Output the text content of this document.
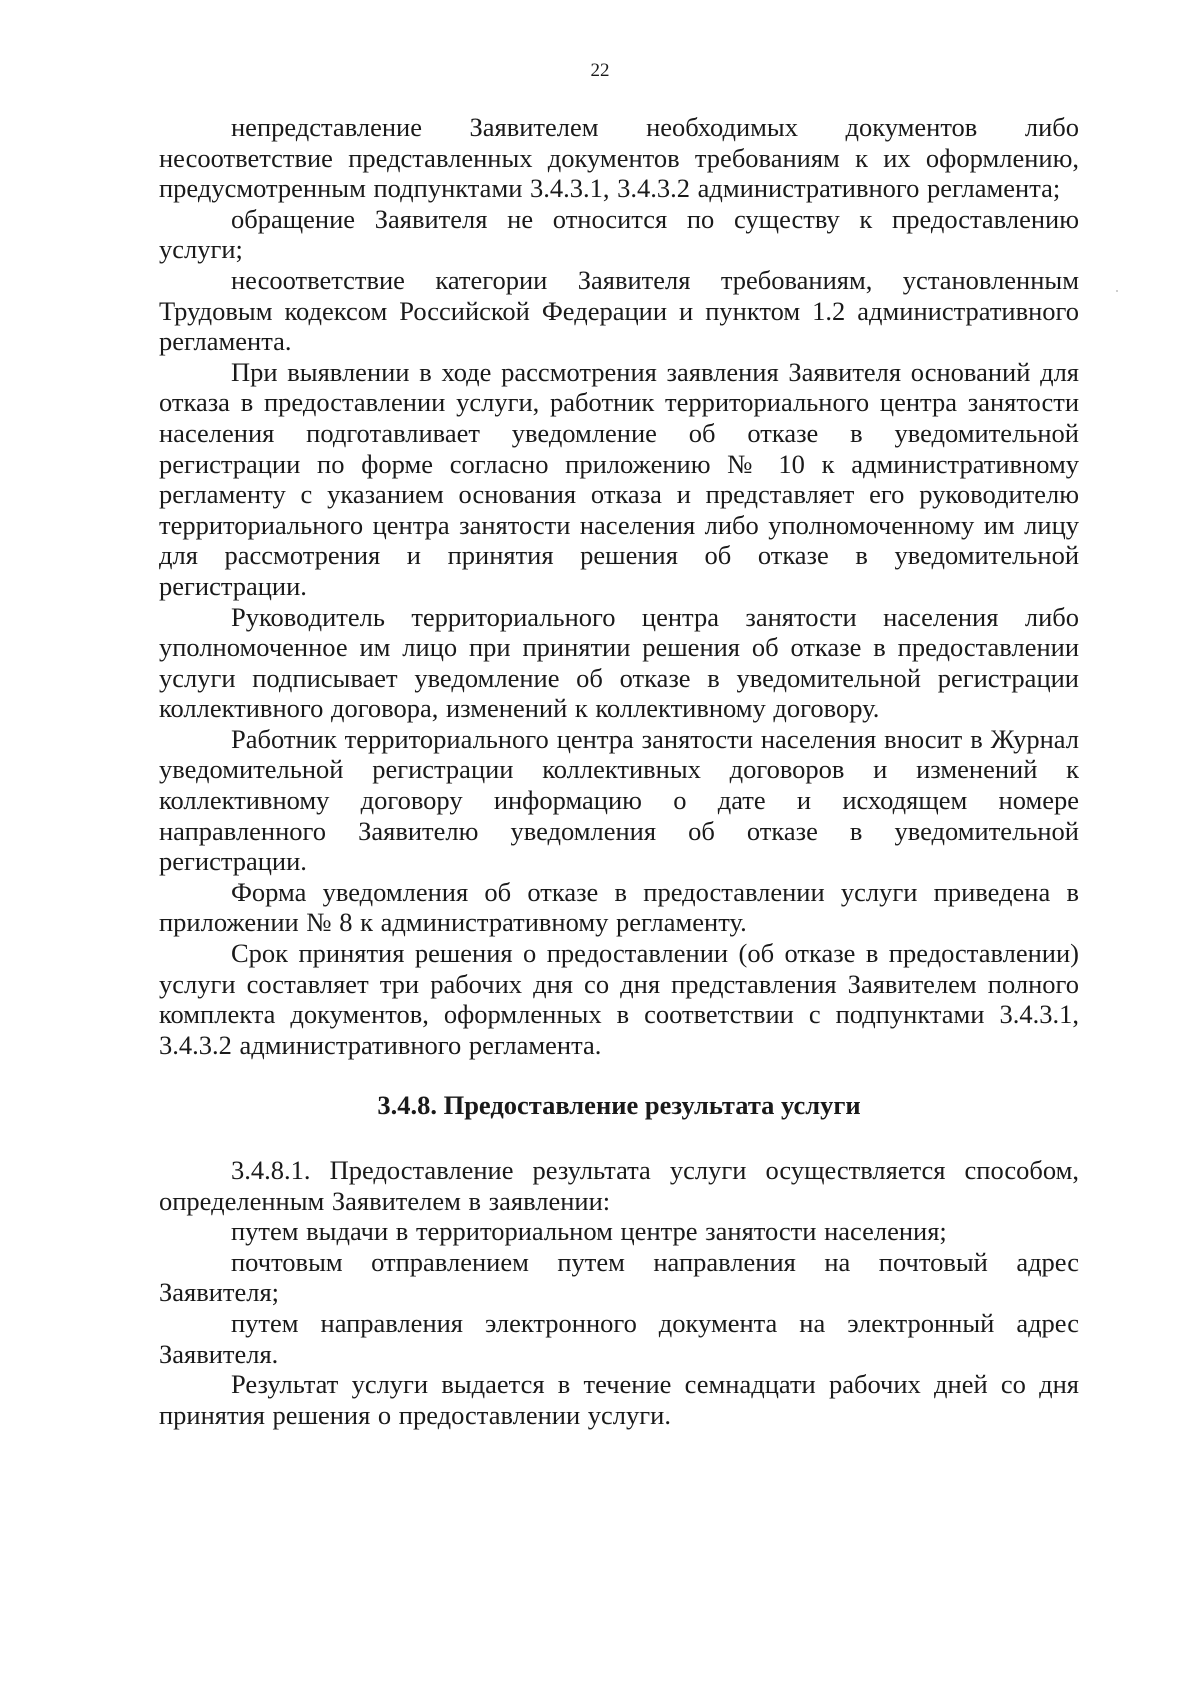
22

непредставление Заявителем необходимых документов либо несоответствие представленных документов требованиям к их оформлению, предусмотренным подпунктами 3.4.3.1, 3.4.3.2 административного регламента;

обращение Заявителя не относится по существу к предоставлению услуги;

несоответствие категории Заявителя требованиям, установленным Трудовым кодексом Российской Федерации и пунктом 1.2 административного регламента.

При выявлении в ходе рассмотрения заявления Заявителя оснований для отказа в предоставлении услуги, работник территориального центра занятости населения подготавливает уведомление об отказе в уведомительной регистрации по форме согласно приложению № 10 к административному регламенту с указанием основания отказа и представляет его руководителю территориального центра занятости населения либо уполномоченному им лицу для рассмотрения и принятия решения об отказе в уведомительной регистрации.

Руководитель территориального центра занятости населения либо уполномоченное им лицо при принятии решения об отказе в предоставлении услуги подписывает уведомление об отказе в уведомительной регистрации коллективного договора, изменений к коллективному договору.

Работник территориального центра занятости населения вносит в Журнал уведомительной регистрации коллективных договоров и изменений к коллективному договору информацию о дате и исходящем номере направленного Заявителю уведомления об отказе в уведомительной регистрации.

Форма уведомления об отказе в предоставлении услуги приведена в приложении № 8 к административному регламенту.

Срок принятия решения о предоставлении (об отказе в предоставлении) услуги составляет три рабочих дня со дня представления Заявителем полного комплекта документов, оформленных в соответствии с подпунктами 3.4.3.1, 3.4.3.2 административного регламента.

3.4.8. Предоставление результата услуги

3.4.8.1. Предоставление результата услуги осуществляется способом, определенным Заявителем в заявлении:

путем выдачи в территориальном центре занятости населения;

почтовым отправлением путем направления на почтовый адрес Заявителя;

путем направления электронного документа на электронный адрес Заявителя.

Результат услуги выдается в течение семнадцати рабочих дней со дня принятия решения о предоставлении услуги.
